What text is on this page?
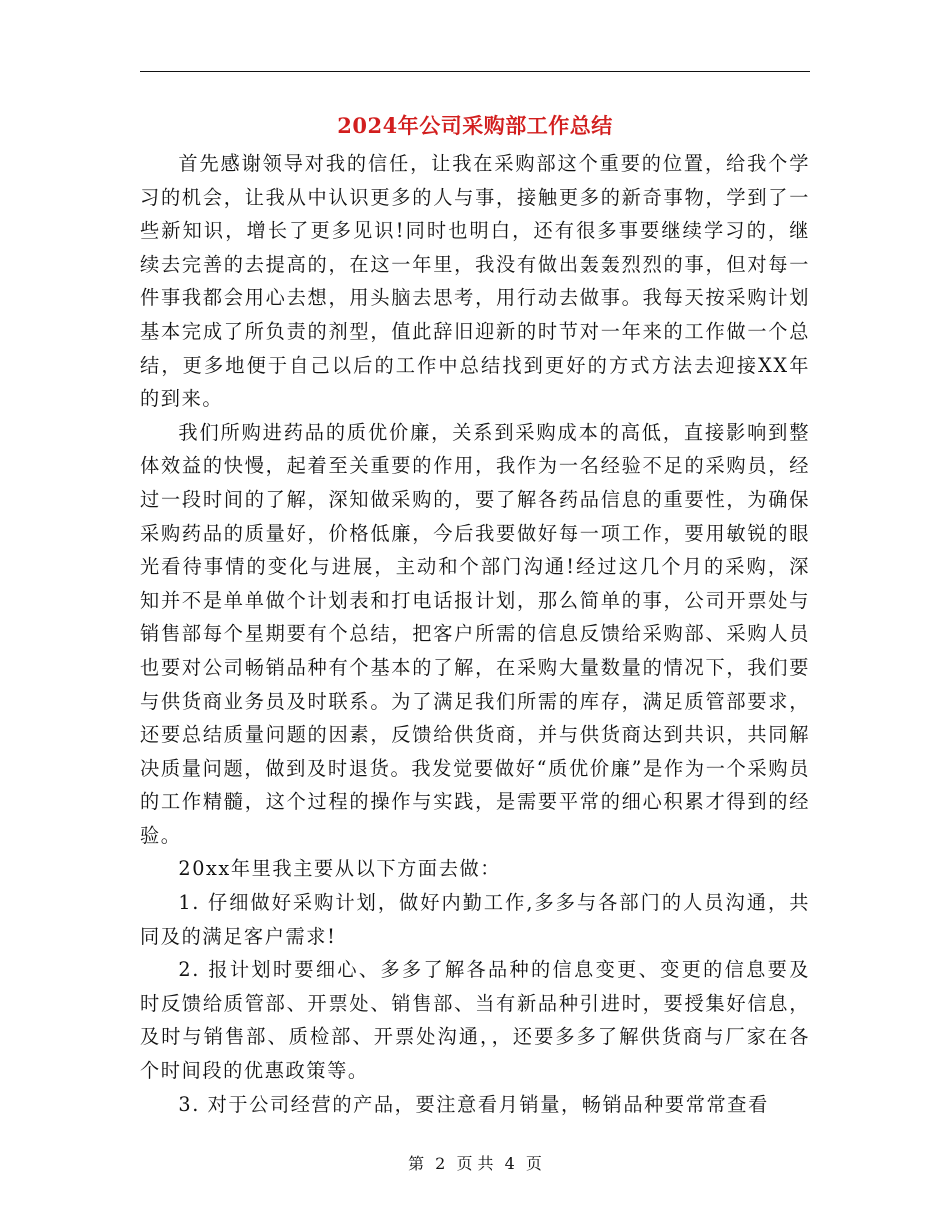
2024年公司采购部工作总结

首先感谢领导对我的信任，让我在采购部这个重要的位置，给我个学习的机会，让我从中认识更多的人与事，接触更多的新奇事物，学到了一些新知识，增长了更多见识!同时也明白，还有很多事要继续学习的，继续去完善的去提高的，在这一年里，我没有做出轰轰烈烈的事，但对每一件事我都会用心去想，用头脑去思考，用行动去做事。我每天按采购计划基本完成了所负责的剂型，值此辞旧迎新的时节对一年来的工作做一个总结，更多地便于自己以后的工作中总结找到更好的方式方法去迎接XX年的到来。

我们所购进药品的质优价廉，关系到采购成本的高低，直接影响到整体效益的快慢，起着至关重要的作用，我作为一名经验不足的采购员，经过一段时间的了解，深知做采购的，要了解各药品信息的重要性，为确保采购药品的质量好，价格低廉，今后我要做好每一项工作，要用敏锐的眼光看待事情的变化与进展，主动和个部门沟通!经过这几个月的采购，深知并不是单单做个计划表和打电话报计划，那么简单的事，公司开票处与销售部每个星期要有个总结，把客户所需的信息反馈给采购部、采购人员也要对公司畅销品种有个基本的了解，在采购大量数量的情况下，我们要与供货商业务员及时联系。为了满足我们所需的库存，满足质管部要求，还要总结质量问题的因素，反馈给供货商，并与供货商达到共识，共同解决质量问题，做到及时退货。我发觉要做好“质优价廉”是作为一个采购员的工作精髓，这个过程的操作与实践，是需要平常的细心积累才得到的经验。

20xx年里我主要从以下方面去做：

1. 仔细做好采购计划，做好内勤工作,多多与各部门的人员沟通，共同及的满足客户需求!

2. 报计划时要细心、多多了解各品种的信息变更、变更的信息要及时反馈给质管部、开票处、销售部、当有新品种引进时，要授集好信息，及时与销售部、质检部、开票处沟通，，还要多多了解供货商与厂家在各个时间段的优惠政策等。

3. 对于公司经营的产品，要注意看月销量，畅销品种要常常查看

第 2 页 共 4 页
